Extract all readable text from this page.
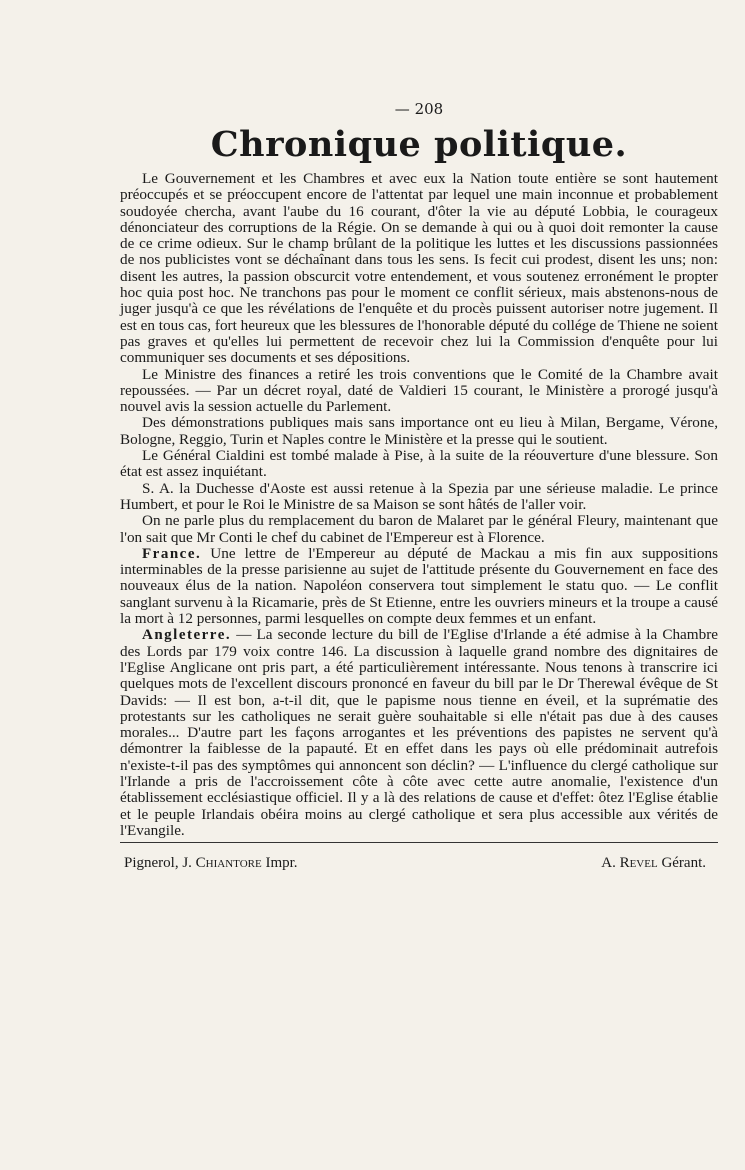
— 208
Chronique politique.

Le Gouvernement et les Chambres et avec eux la Nation toute entière se sont hautement préoccupés et se préoccupent encore de l'attentat par lequel une main inconnue et probablement soudoyée chercha, avant l'aube du 16 courant, d'ôter la vie au député Lobbia, le courageux dénonciateur des corruptions de la Régie. On se demande à qui ou à quoi doit remonter la cause de ce crime odieux. Sur le champ brûlant de la politique les luttes et les discussions passionnées de nos publicistes vont se déchaînant dans tous les sens. Is fecit cui prodest, disent les uns; non: disent les autres, la passion obscurcit votre entendement, et vous soutenez erronément le propter hoc quia post hoc. Ne tranchons pas pour le moment ce conflit sérieux, mais abstenons-nous de juger jusqu'à ce que les révélations de l'enquête et du procès puissent autoriser notre jugement. Il est en tous cas, fort heureux que les blessures de l'honorable député du collége de Thiene ne soient pas graves et qu'elles lui permettent de recevoir chez lui la Commission d'enquête pour lui communiquer ses documents et ses dépositions.

Le Ministre des finances a retiré les trois conventions que le Comité de la Chambre avait repoussées. — Par un décret royal, daté de Valdieri 15 courant, le Ministère a prorogé jusqu'à nouvel avis la session actuelle du Parlement.

Des démonstrations publiques mais sans importance ont eu lieu à Milan, Bergame, Vérone, Bologne, Reggio, Turin et Naples contre le Ministère et la presse qui le soutient.

Le Général Cialdini est tombé malade à Pise, à la suite de la réouverture d'une blessure. Son état est assez inquiétant.

S. A. la Duchesse d'Aoste est aussi retenue à la Spezia par une sérieuse maladie. Le prince Humbert, et pour le Roi le Ministre de sa Maison se sont hâtés de l'aller voir.

On ne parle plus du remplacement du baron de Malaret par le général Fleury, maintenant que l'on sait que Mr Conti le chef du cabinet de l'Empereur est à Florence.

France. Une lettre de l'Empereur au député de Mackau a mis fin aux suppositions interminables de la presse parisienne au sujet de l'attitude présente du Gouvernement en face des nouveaux élus de la nation. Napoléon conservera tout simplement le statu quo. — Le conflit sanglant survenu à la Ricamarie, près de St Etienne, entre les ouvriers mineurs et la troupe a causé la mort à 12 personnes, parmi lesquelles on compte deux femmes et un enfant.

Angleterre. — La seconde lecture du bill de l'Eglise d'Irlande a été admise à la Chambre des Lords par 179 voix contre 146. La discussion à laquelle grand nombre des dignitaires de l'Eglise Anglicane ont pris part, a été particulièrement intéressante. Nous tenons à transcrire ici quelques mots de l'excellent discours prononcé en faveur du bill par le Dr Therewal évêque de St Davids: — Il est bon, a-t-il dit, que le papisme nous tienne en éveil, et la suprématie des protestants sur les catholiques ne serait guère souhaitable si elle n'était pas due à des causes morales... D'autre part les façons arrogantes et les préventions des papistes ne servent qu'à démontrer la faiblesse de la papauté. Et en effet dans les pays où elle prédominait autrefois n'existe-t-il pas des symptômes qui annoncent son déclin? — L'influence du clergé catholique sur l'Irlande a pris de l'accroissement côte à côte avec cette autre anomalie, l'existence d'un établissement ecclésiastique officiel. Il y a là des relations de cause et d'effet: ôtez l'Eglise établie et le peuple Irlandais obéira moins au clergé catholique et sera plus accessible aux vérités de l'Evangile.

Pignerol, J. Chiantore Impr.	A. Revel Gérant.
